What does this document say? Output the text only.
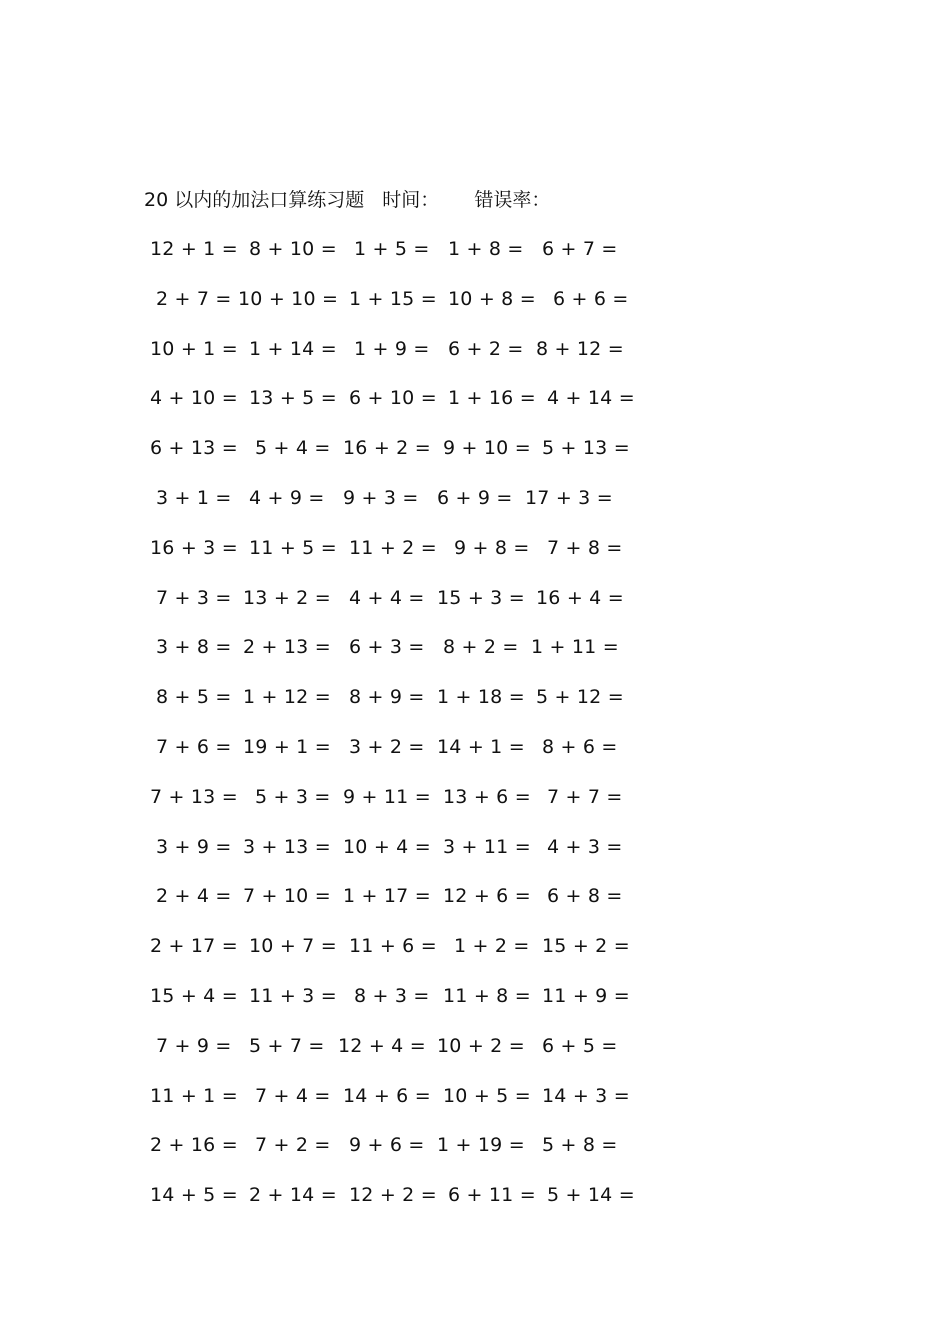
20 以内的加法口算练习题 时间： 错误率：
12 + 1 = 8 + 10 = 1 + 5 = 1 + 8 = 6 + 7 =
2 + 7 = 10 + 10 = 1 + 15 = 10 + 8 = 6 + 6 =
10 + 1 = 1 + 14 = 1 + 9 = 6 + 2 = 8 + 12 =
4 + 10 = 13 + 5 = 6 + 10 = 1 + 16 = 4 + 14 =
6 + 13 = 5 + 4 = 16 + 2 = 9 + 10 = 5 + 13 =
3 + 1 = 4 + 9 = 9 + 3 = 6 + 9 = 17 + 3 =
16 + 3 = 11 + 5 = 11 + 2 = 9 + 8 = 7 + 8 =
7 + 3 = 13 + 2 = 4 + 4 = 15 + 3 = 16 + 4 =
3 + 8 = 2 + 13 = 6 + 3 = 8 + 2 = 1 + 11 =
8 + 5 = 1 + 12 = 8 + 9 = 1 + 18 = 5 + 12 =
7 + 6 = 19 + 1 = 3 + 2 = 14 + 1 = 8 + 6 =
7 + 13 = 5 + 3 = 9 + 11 = 13 + 6 = 7 + 7 =
3 + 9 = 3 + 13 = 10 + 4 = 3 + 11 = 4 + 3 =
2 + 4 = 7 + 10 = 1 + 17 = 12 + 6 = 6 + 8 =
2 + 17 = 10 + 7 = 11 + 6 = 1 + 2 = 15 + 2 =
15 + 4 = 11 + 3 = 8 + 3 = 11 + 8 = 11 + 9 =
7 + 9 = 5 + 7 = 12 + 4 = 10 + 2 = 6 + 5 =
11 + 1 = 7 + 4 = 14 + 6 = 10 + 5 = 14 + 3 =
2 + 16 = 7 + 2 = 9 + 6 = 1 + 19 = 5 + 8 =
14 + 5 = 2 + 14 = 12 + 2 = 6 + 11 = 5 + 14 =
